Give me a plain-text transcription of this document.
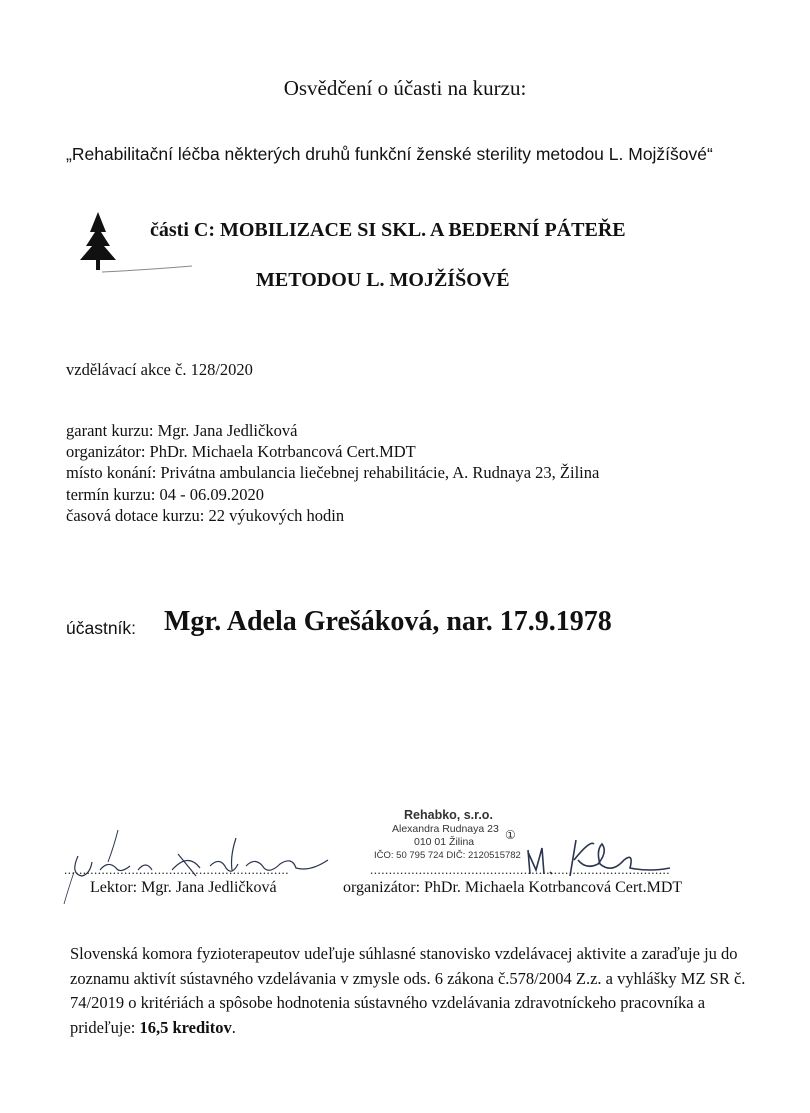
Osvědčení o účasti na kurzu:
„Rehabilitační léčba některých druhů funkční ženské sterility metodou L. Mojžíšové“
části C: MOBILIZACE SI SKL. A BEDERNÍ PÁTEŘE
METODOU L. MOJŽÍŠOVÉ
vzdělávací akce č. 128/2020
garant kurzu: Mgr. Jana Jedličková
organizátor: PhDr. Michaela Kotrbancová Cert.MDT
místo konání: Privátna ambulancia liečebnej rehabilitácie, A. Rudnaya 23, Žilina
termín kurzu: 04 - 06.09.2020
časová dotace kurzu: 22 výukových hodin
účastník: Mgr. Adela Grešáková, nar. 17.9.1978
Rehabko, s.r.o.
Alexandra Rudnaya 23
010 01 Žilina	①
IČO: 50 795 724 DIČ: 2120515782
............................................................	................................................................................
Lektor: Mgr. Jana Jedličková	organizátor: PhDr. Michaela Kotrbancová Cert.MDT
Slovenská komora fyzioterapeutov udeľuje súhlasné stanovisko vzdelávacej aktivite a zaraďuje ju do zoznamu aktivít sústavného vzdelávania v zmysle ods. 6 zákona č.578/2004 Z.z. a vyhlášky MZ SR č. 74/2019 o kritériách a spôsobe hodnotenia sústavného vzdelávania zdravotníckeho pracovníka a prideľuje: 16,5 kreditov.
